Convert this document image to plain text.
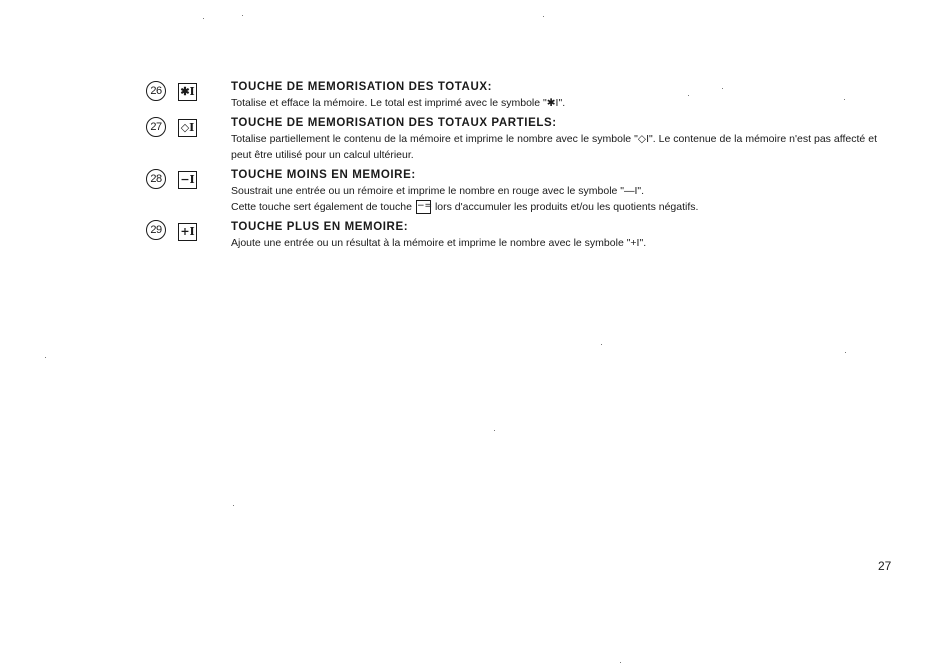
26	✱I	TOUCHE DE MEMORISATION DES TOTAUX:

Totalise et efface la mémoire. Le total est imprimé avec le symbole "✱I".

27	◇I	TOUCHE DE MEMORISATION DES TOTAUX PARTIELS:

Totalise partiellement le contenu de la mémoire et imprime le nombre avec le symbole "◇I". Le contenue de la mémoire n'est pas affecté et peut être utilisé pour un calcul ultérieur.

28	−I	TOUCHE MOINS EN MEMOIRE:

Soustrait une entrée ou un rémoire et imprime le nombre en rouge avec le symbole "—I".

Cette touche sert également de touche −= lors d'accumuler les produits et/ou les quotients négatifs.

29	+I	TOUCHE PLUS EN MEMOIRE:

Ajoute une entrée ou un résultat à la mémoire et imprime le nombre avec le symbole "+I".

27
